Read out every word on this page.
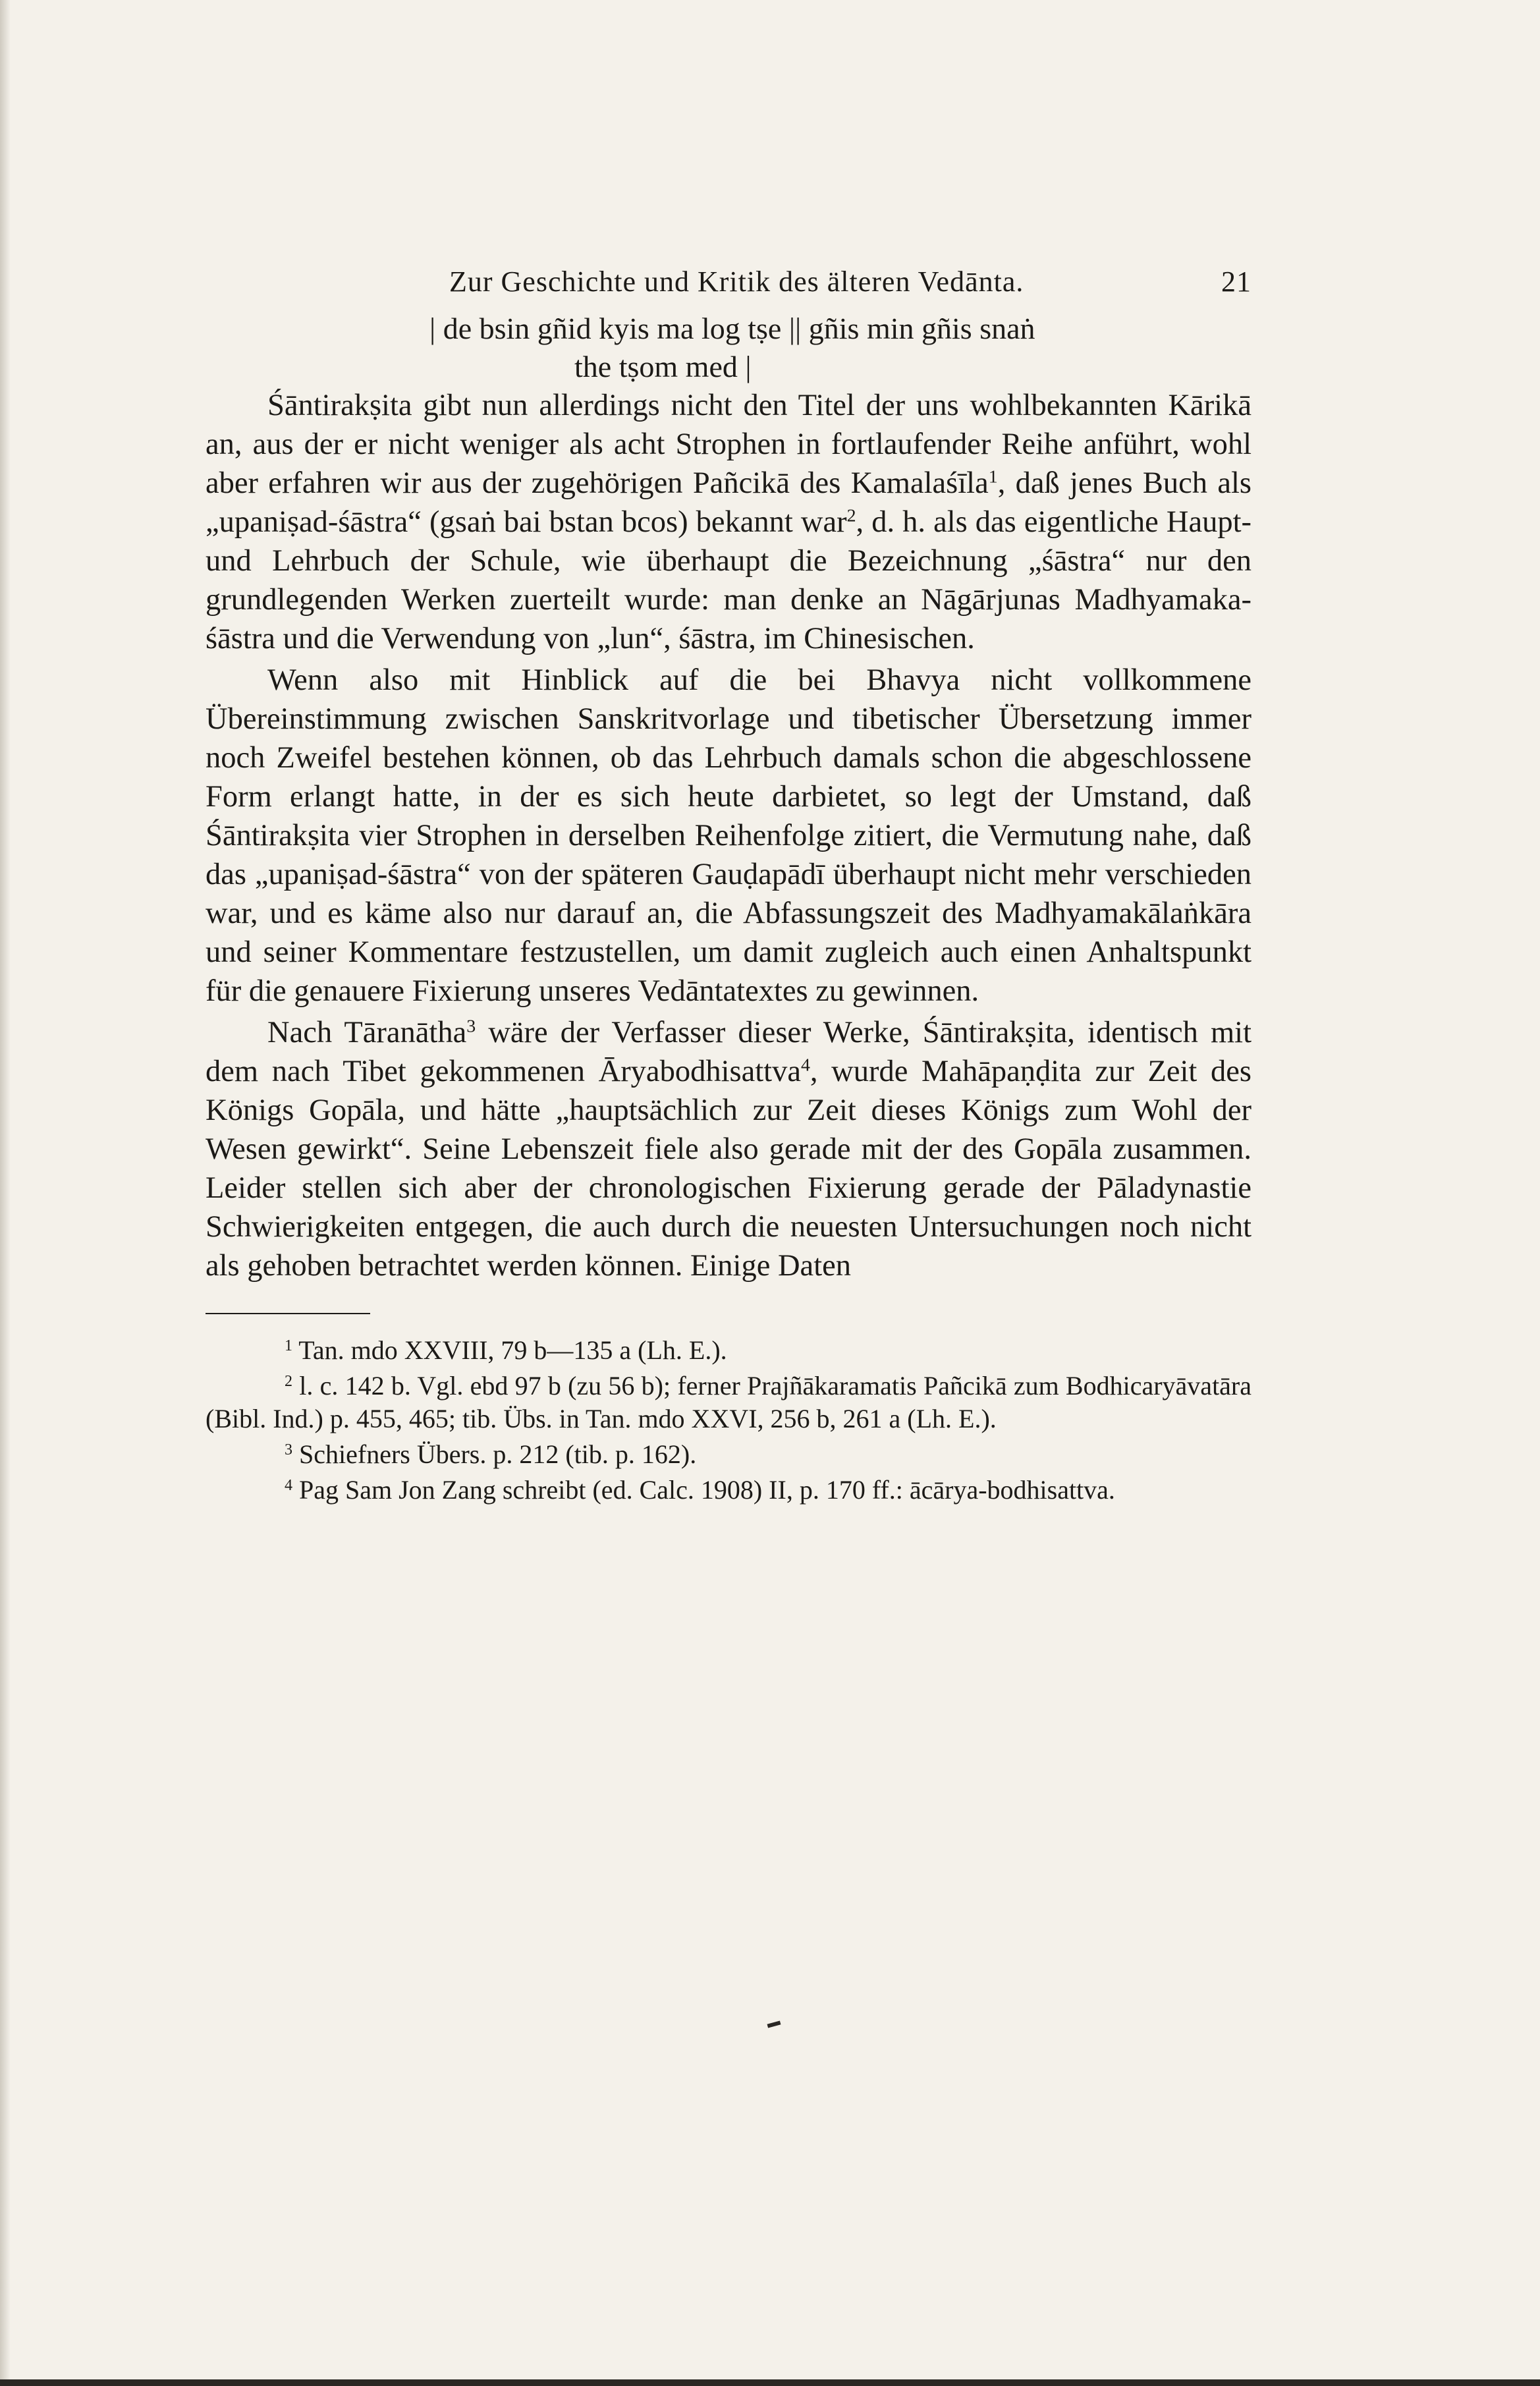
Zur Geschichte und Kritik des älteren Vedānta.	21
| de bsin gñid kyis ma log tṣe || gñis min gñis snaṅ
the tṣom med |

Śāntirakṣita gibt nun allerdings nicht den Titel der uns wohlbekannten Kārikā an, aus der er nicht weniger als acht Strophen in fortlaufender Reihe anführt, wohl aber erfahren wir aus der zugehörigen Pañcikā des Kamalaśīla$^1$, daß jenes Buch als „upaniṣad-śāstra“ (gsaṅ bai bstan bcos) bekannt war$^2$, d. h. als das eigentliche Haupt- und Lehrbuch der Schule, wie überhaupt die Bezeichnung „śāstra“ nur den grundlegenden Werken zuerteilt wurde: man denke an Nāgārjunas Madhyamaka-śāstra und die Verwendung von „lun“, śāstra, im Chinesischen.

Wenn also mit Hinblick auf die bei Bhavya nicht vollkommene Übereinstimmung zwischen Sanskritvorlage und tibetischer Übersetzung immer noch Zweifel bestehen können, ob das Lehrbuch damals schon die abgeschlossene Form erlangt hatte, in der es sich heute darbietet, so legt der Umstand, daß Śāntirakṣita vier Strophen in derselben Reihenfolge zitiert, die Vermutung nahe, daß das „upaniṣad-śāstra“ von der späteren Gauḍapādī überhaupt nicht mehr verschieden war, und es käme also nur darauf an, die Abfassungszeit des Madhyamakālaṅkāra und seiner Kommentare festzustellen, um damit zugleich auch einen Anhaltspunkt für die genauere Fixierung unseres Vedāntatextes zu gewinnen.

Nach Tāranātha$^3$ wäre der Verfasser dieser Werke, Śāntirakṣita, identisch mit dem nach Tibet gekommenen Āryabodhisattva$^4$, wurde Mahāpaṇḍita zur Zeit des Königs Gopāla, und hätte „hauptsächlich zur Zeit dieses Königs zum Wohl der Wesen gewirkt“. Seine Lebenszeit fiele also gerade mit der des Gopāla zusammen. Leider stellen sich aber der chronologischen Fixierung gerade der Pāladynastie Schwierigkeiten entgegen, die auch durch die neuesten Untersuchungen noch nicht als gehoben betrachtet werden können. Einige Daten

$^1$ Tan. mdo XXVIII, 79 b—135 a (Lh. E.).

$^2$ l. c. 142 b. Vgl. ebd 97 b (zu 56 b); ferner Prajñākaramatis Pañcikā zum Bodhicaryāvatāra (Bibl. Ind.) p. 455, 465; tib. Übs. in Tan. mdo XXVI, 256 b, 261 a (Lh. E.).

$^3$ Schiefners Übers. p. 212 (tib. p. 162).

$^4$ Pag Sam Jon Zang schreibt (ed. Calc. 1908) II, p. 170 ff.: ācārya-bodhisattva.
